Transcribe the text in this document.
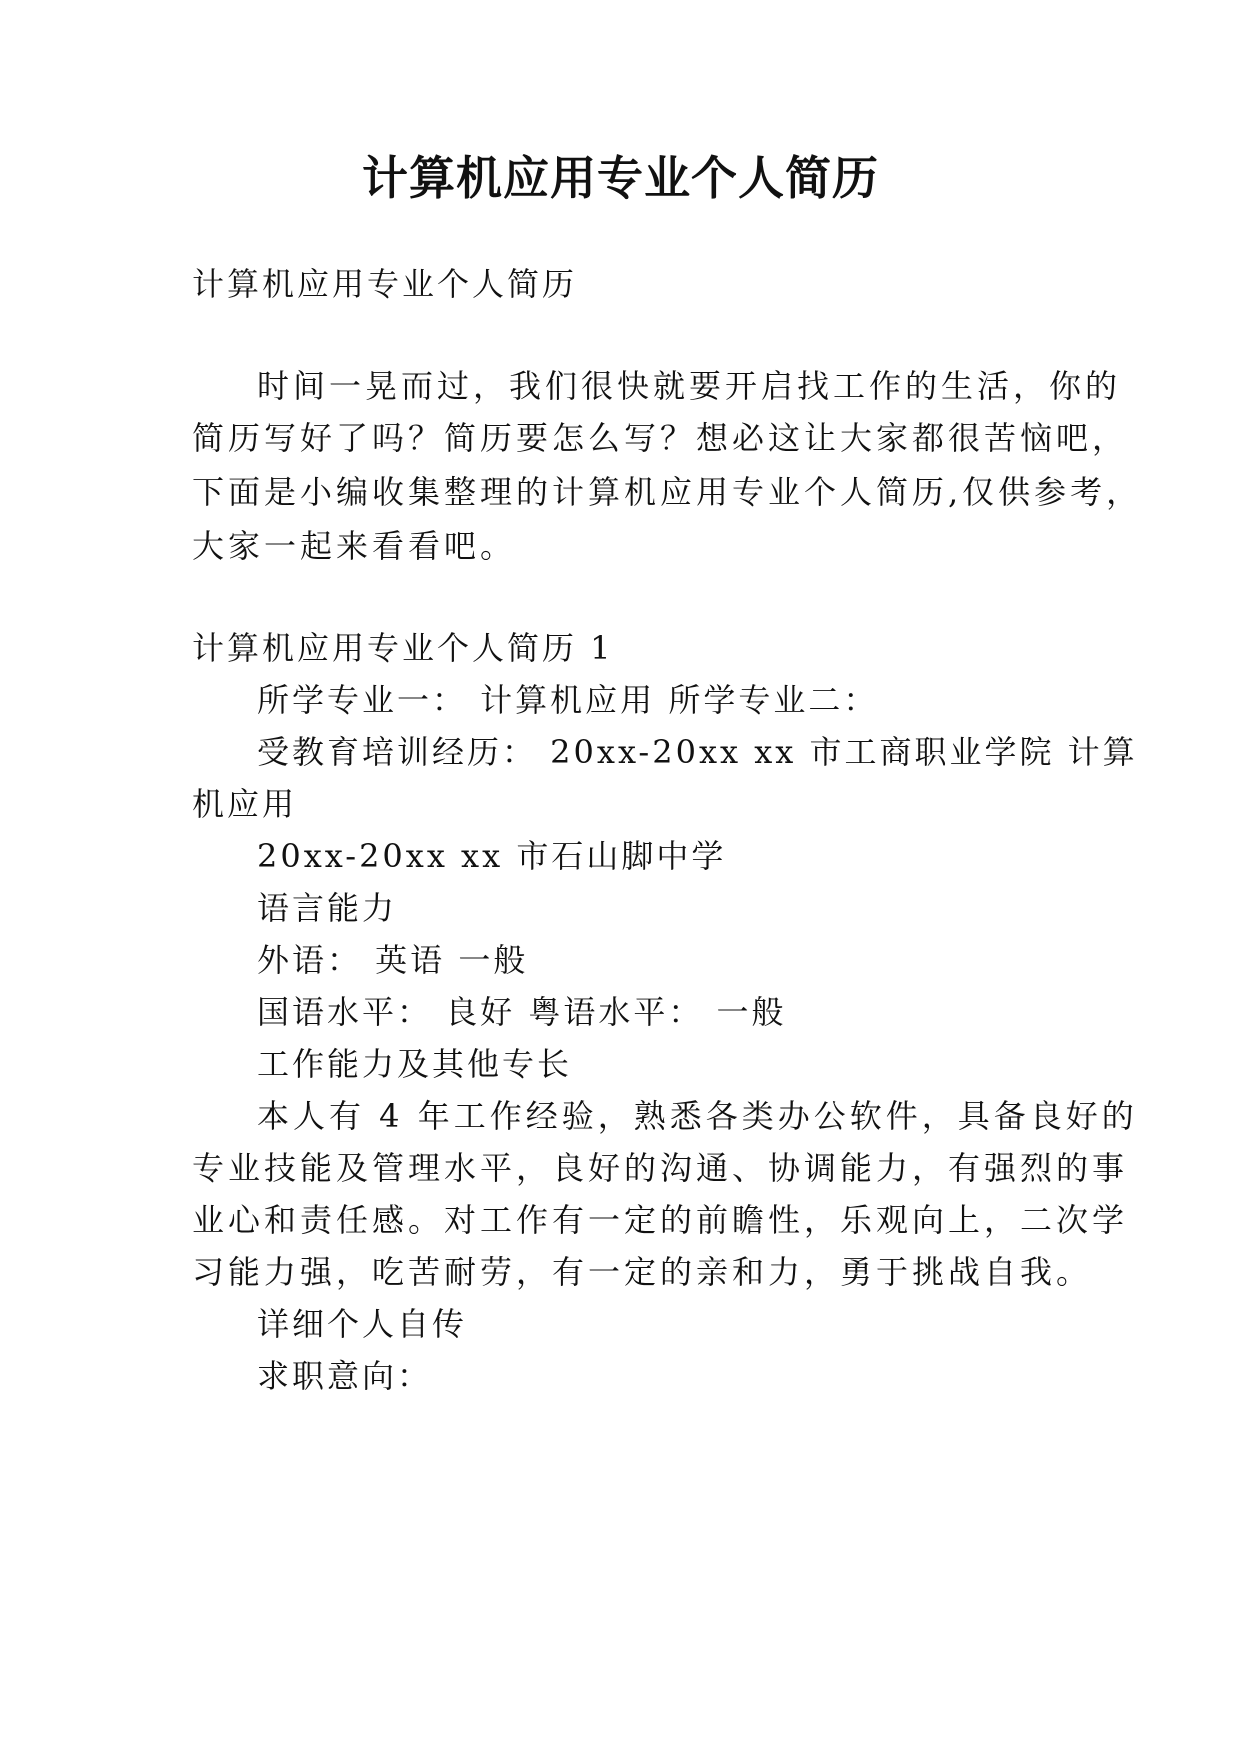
计算机应用专业个人简历
计算机应用专业个人简历
时间一晃而过，我们很快就要开启找工作的生活，你的
简历写好了吗？简历要怎么写？想必这让大家都很苦恼吧，
下面是小编收集整理的计算机应用专业个人简历,仅供参考，
大家一起来看看吧。
计算机应用专业个人简历 1
所学专业一： 计算机应用 所学专业二：
受教育培训经历： 20xx-20xx xx 市工商职业学院 计算
机应用
20xx-20xx xx 市石山脚中学
语言能力
外语： 英语 一般
国语水平： 良好 粤语水平： 一般
工作能力及其他专长
本人有 4 年工作经验，熟悉各类办公软件，具备良好的
专业技能及管理水平，良好的沟通、协调能力，有强烈的事
业心和责任感。对工作有一定的前瞻性，乐观向上，二次学
习能力强，吃苦耐劳，有一定的亲和力，勇于挑战自我。
详细个人自传
求职意向：
